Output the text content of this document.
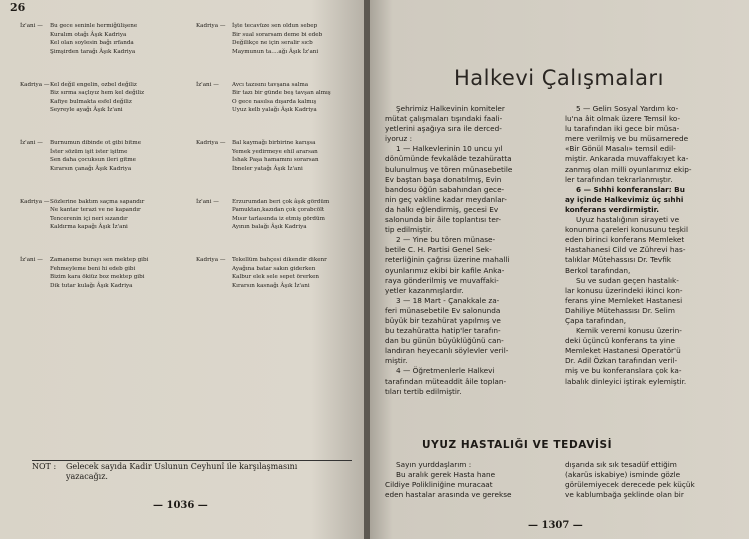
26
İz'ani —	Bu gece seninle hermiğülişene
Kuralım otağı Âşık Kadriya
Kel olan soylesin bağı ırfanda
Şimşirden tarağı Âşık Kadriya
Kadriya — Kel değil engelin, ozbel değiliz
Biz sırma saçlıyız hem kel değiliz
Kafiye bulmakta esfel değiliz
Seyreyle ayağı Âşık İz'ani
İz'ani —	Burnumun dibinde ot gibi bitme
İster sözüm işit ister işitme
Sen daha çocuksun ileri gitme
Kırarsın çanağı Âşık Kadriya
Kadriya — Sözlerine baktım saçma sapandır
Ne kantar terazi ve ne kapandır
Tencerenin içi neri sızandır
Kaldırma kapağı Âşık İz'ani
İz'ani —	Zamaneme burayı sen mektep gibi
Fehmeyleme beni hi edeb gibi
Bizim kara ökiüz boz mektep gibi
Dik tutar kulağı Âşık Kadriya
Kadriya —	İşte tecavüze sen oldun sebep
Bir sual sorarsam deme bi edeb
Değilikçe ne için seralir sıcb
Maymunun ta....ağı Âşık İz'ani
İz'ani —	Avcı tazısını tavşana salma
Bir tazı bir günde beş tavşan almış
O gece nasılsa dışarda kalmış
Uyuz kelb yalağı Âşık Kadriya
Kadriya —	Bal kaymağı birbirine karışsa
Yemek yedirmeye ehil ararsan
İshak Paşa hamamını sorarsan
İbneler yatağı Âşık İz'ani
İz'ani —	Erzurumdan beri çok âşık gördüm
Pamuktan,kazıdan çok çorabcölt
Mısır tarlasında iz etmiş gördüm
Ayının balağı Âşık Kadriya
Kadriya —	Tekellüm bahçesi dikendir dikenr
Ayağına batar sakın giderken
Kalbur elek sele sepet örerken
Kırarsın kasnağı Âşık İz'ani
NOT : Gelecek sayıda Kadir Uslunun Ceyhunî ile karşılaşmasını
yazacağız.
— 1036 —
Halkevi Çalışmaları
Şehrimiz Halkevinin komiteler
mütat çalışmaları tışındaki faali-
yetlerini aşağıya sıra ile derced-
iyoruz :
1 — Halkevlerinin 10 uncu yıl
dönümünde fevkalâde tezahüratta
bulunulmuş ve tören münasebetile
Ev baştan başa donatılmış, Evin
bandosu öğün sabahından gece-
nin geç vakline kadar meydanlar-
da halkı eğlendirmiş, gecesi Ev
salonunda bir âile toplantısı ter-
tip edilmiştir.
2 — Yine bu tören münase-
betile C. H. Partisi Genel Sek-
reterliğinin çağrısı üzerine mahalli
oyunlarımız ekibi bir kafile Anka-
raya gönderilmiş ve muvaffaki-
yetler kazanmışlardır.
3 — 18 Mart - Çanakkale za-
feri münasebetile Ev salonunda
büyük bir tezahürat yapılmış ve
bu tezahüratta hatip'ler tarafın-
dan bu günün büyüklüğünü can-
landıran heyecanlı söylevler veril-
miştir.
4 — Öğretmenlerle Halkevi
tarafından müteaddit âile toplan-
tıları tertib edilmiştir.
5 — Gelirı Sosyal Yardım ko-
lu'na âit olmak üzere Temsil ko-
lu tarafından iki gece bir müsa-
mere verilmiş ve bu müsamerede
«Bir Gönül Masalı» temsil edil-
miştir. Ankarada muvaffakıyet ka-
zanmış olan milli oyunlarımız ekip-
ler tarafından tekrarlanmıştır.
6 — Sıhhi konferanslar: Bu
ay içinde Halkevimiz üç sıhhi
konferans verdirmiştir.
Uyuz hastalığının sirayeti ve
konunma çareleri konusunu teşkil
eden birinci konferans Memleket
Hastahanesi Cild ve Zührevi has-
talıklar Mütehassısı Dr. Tevfik
Berkol tarafından,
Su ve sudan geçen hastalık-
lar konusu üzerindeki ikinci kon-
ferans yine Memleket Hastanesi
Dahiliye Mütehassısı Dr. Selim
Çapa tarafından,
Kemik veremi konusu üzerin-
deki üçüncü konferans ta yine
Memleket Hastanesi Operatör'ü
Dr. Adil Özkan tarafından veril-
miş ve bu konferanslara çok ka-
labalık dinleyici iştirak eylemiştir.
UYUZ HASTALIĞI VE TEDAVİSİ
Sayın yurddaşlarım :
Bu aralık gerek Hasta hane
Cildiye Polikliniğine muracaat
eden hastalar arasında ve gerekse
dışarıda sık sık tesadüf ettiğim
(akarüs iskabiye) isminde gözle
görülemiyecek derecede pek küçük
ve kablumbağa şeklinde olan bir
— 1307 —
